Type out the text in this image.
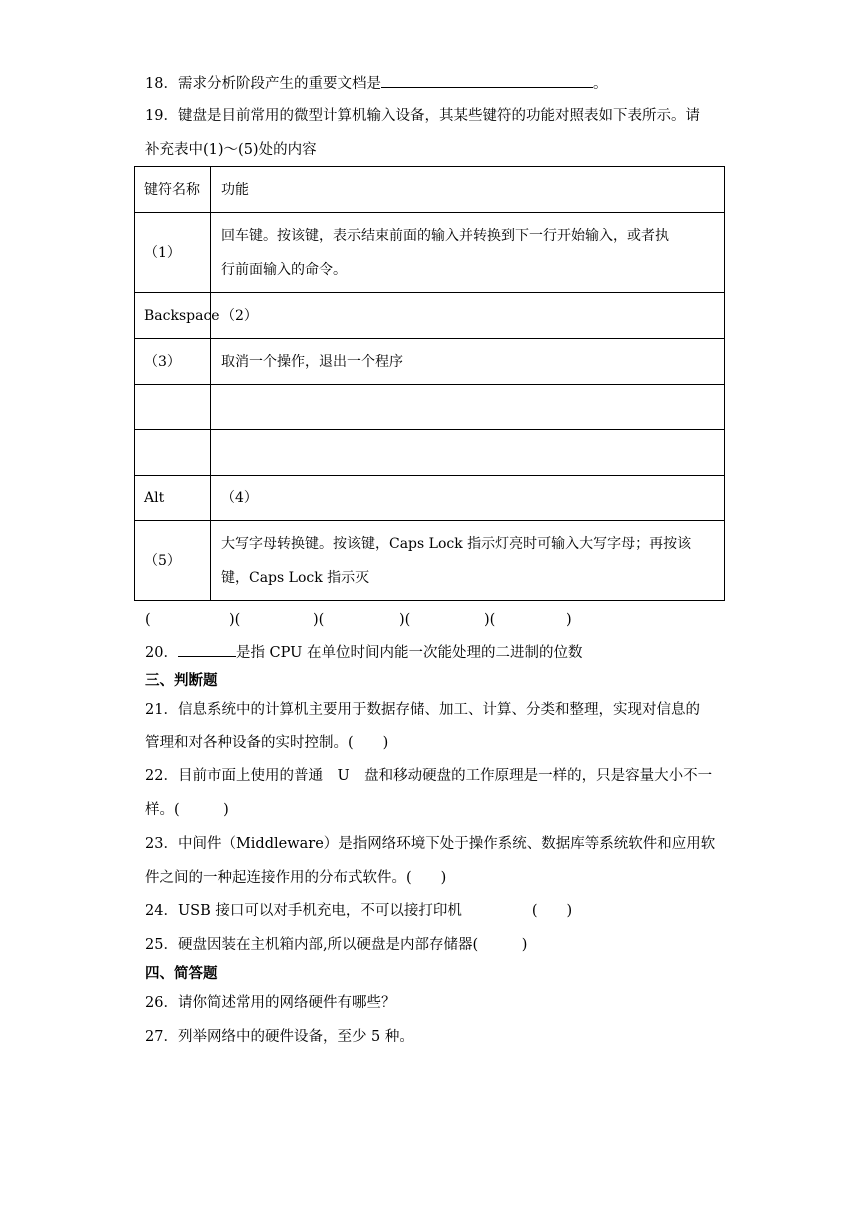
18．需求分析阶段产生的重要文档是	。
19．键盘是目前常用的微型计算机输入设备，其某些键符的功能对照表如下表所示。请
补充表中(1)～(5)处的内容
键符名称	功能
（1）	回车键。按该键，表示结束前面的输入并转换到下一行开始输入，或者执
行前面输入的命令。

Backspace	（2）
（3）	取消一个操作，退出一个程序

Alt	（4）
（5）	大写字母转换键。按该键，Caps Lock 指示灯亮时可输入大写字母；再按该
键，Caps Lock 指示灭
(	)(	)(	)(	)(	)
20．	是指 CPU 在单位时间内能一次能处理的二进制的位数
三、判断题
21．信息系统中的计算机主要用于数据存储、加工、计算、分类和整理，实现对信息的
管理和对各种设备的实时控制。(　　)
22．目前市面上使用的普通　U　盘和移动硬盘的工作原理是一样的，只是容量大小不一
样。(　　　)
23．中间件（Middleware）是指网络环境下处于操作系统、数据库等系统软件和应用软
件之间的一种起连接作用的分布式软件。(　　)
24．USB 接口可以对手机充电，不可以接打印机	(　　)
25．硬盘因装在主机箱内部,所以硬盘是内部存储器(　　　)
四、简答题
26．请你简述常用的网络硬件有哪些？
27．列举网络中的硬件设备，至少 5 种。
